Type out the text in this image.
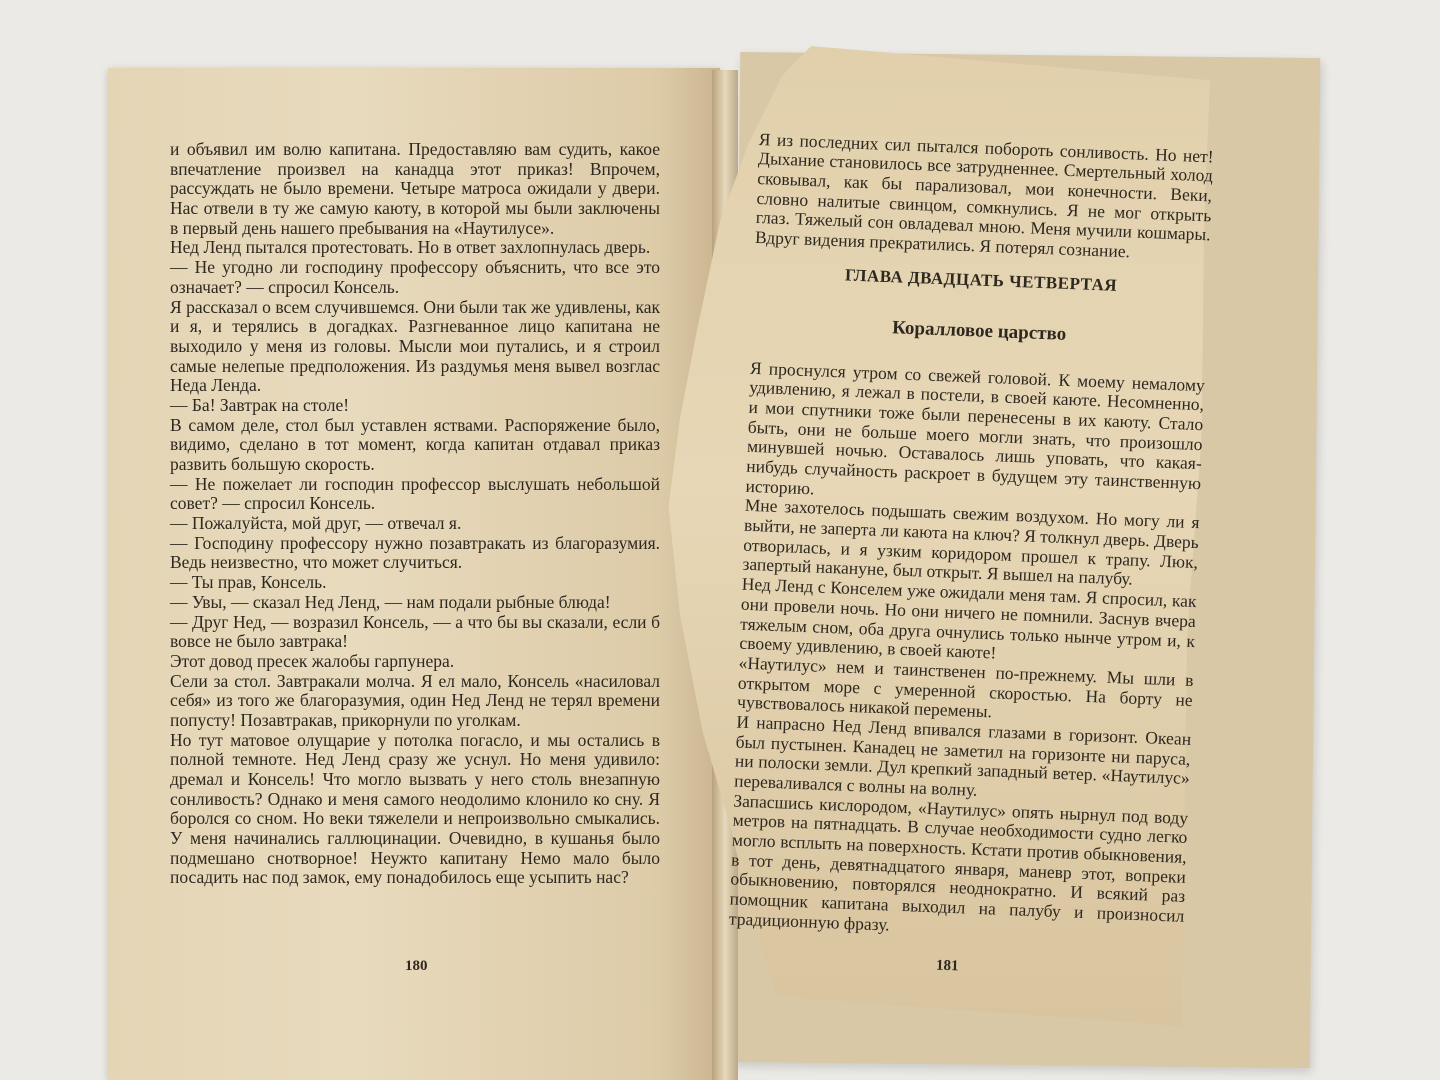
и объявил им волю капитана. Предоставляю вам судить, какое впечатление произвел на канадца этот приказ! Впрочем, рассуждать не было времени. Четыре матроса ожидали у двери. Нас отвели в ту же самую каюту, в которой мы были заключены в первый день нашего пребывания на «Наутилусе».
Нед Ленд пытался протестовать. Но в ответ захлопнулась дверь.
— Не угодно ли господину профессору объяснить, что все это означает? — спросил Консель.
Я рассказал о всем случившемся. Они были так же удивлены, как и я, и терялись в догадках. Разгневанное лицо капитана не выходило у меня из головы. Мысли мои путались, и я строил самые нелепые предположения. Из раздумья меня вывел возглас Неда Ленда.
— Ба! Завтрак на столе!
В самом деле, стол был уставлен яствами. Распоряжение было, видимо, сделано в тот момент, когда капитан отдавал приказ развить большую скорость.
— Не пожелает ли господин профессор выслушать небольшой совет? — спросил Консель.
— Пожалуйста, мой друг, — отвечал я.
— Господину профессору нужно позавтракать из благоразумия. Ведь неизвестно, что может случиться.
— Ты прав, Консель.
— Увы, — сказал Нед Ленд, — нам подали рыбные блюда!
— Друг Нед, — возразил Консель, — а что бы вы сказали, если б вовсе не было завтрака!
Этот довод пресек жалобы гарпунера.
Сели за стол. Завтракали молча. Я ел мало, Консель «насиловал себя» из того же благоразумия, один Нед Ленд не терял времени попусту! Позавтракав, прикорнули по уголкам.
Но тут матовое олущарие у потолка погасло, и мы остались в полной темноте. Нед Ленд сразу же уснул. Но меня удивило: дремал и Консель! Что могло вызвать у него столь внезапную сонливость? Однако и меня самого неодолимо клонило ко сну. Я боролся со сном. Но веки тяжелели и непроизвольно смыкались. У меня начинались галлюцинации. Очевидно, в кушанья было подмешано снотворное! Неужто капитану Немо мало было посадить нас под замок, ему понадобилось еще усыпить нас?
180

Я из последних сил пытался побороть сонливость. Но нет! Дыхание становилось все затрудненнее. Смертельный холод сковывал, как бы парализовал, мои конечности. Веки, словно налитые свинцом, сомкнулись. Я не мог открыть глаз. Тяжелый сон овладевал мною. Меня мучили кошмары. Вдруг видения прекратились. Я потерял сознание.

ГЛАВА ДВАДЦАТЬ ЧЕТВЕРТАЯ

Коралловое царство

Я проснулся утром со свежей головой. К моему немалому удивлению, я лежал в постели, в своей каюте. Несомненно, и мои спутники тоже были перенесены в их каюту. Стало быть, они не больше моего могли знать, что произошло минувшей ночью. Оставалось лишь уповать, что какая-нибудь случайность раскроет в будущем эту таинственную историю.
Мне захотелось подышать свежим воздухом. Но могу ли я выйти, не заперта ли каюта на ключ? Я толкнул дверь. Дверь отворилась, и я узким коридором прошел к трапу. Люк, запертый накануне, был открыт. Я вышел на палубу.
Нед Ленд с Конселем уже ожидали меня там. Я спросил, как они провели ночь. Но они ничего не помнили. Заснув вчера тяжелым сном, оба друга очнулись только нынче утром и, к своему удивлению, в своей каюте!
«Наутилус» нем и таинственен по-прежнему. Мы шли в открытом море с умеренной скоростью. На борту не чувствовалось никакой перемены.
И напрасно Нед Ленд впивался глазами в горизонт. Океан был пустынен. Канадец не заметил на горизонте ни паруса, ни полоски земли. Дул крепкий западный ветер. «Наутилус» переваливался с волны на волну.
Запасшись кислородом, «Наутилус» опять нырнул под воду метров на пятнадцать. В случае необходимости судно легко могло всплыть на поверхность. Кстати против обыкновения, в тот день, девятнадцатого января, маневр этот, вопреки обыкновению, повторялся неоднократно. И всякий раз помощник капитана выходил на палубу и произносил традиционную фразу.

181
